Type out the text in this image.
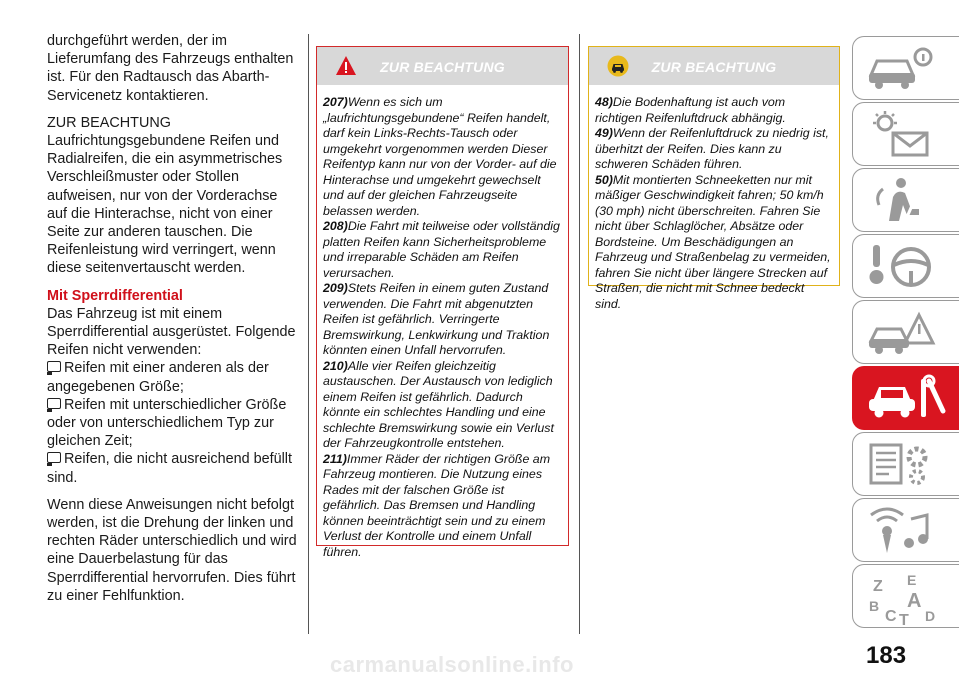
durchgeführt werden, der im Lieferumfang des Fahrzeugs enthalten ist. Für den Radtausch das Abarth-Servicenetz kontaktieren.

ZUR BEACHTUNG

Laufrichtungsgebundene Reifen und Radialreifen, die ein asymmetrisches Verschleißmuster oder Stollen aufweisen, nur von der Vorderachse auf die Hinterachse, nicht von einer Seite zur anderen tauschen. Die Reifenleistung wird verringert, wenn diese seitenvertauscht werden.

Mit Sperrdifferential

Das Fahrzeug ist mit einem Sperrdifferential ausgerüstet. Folgende Reifen nicht verwenden:

Reifen mit einer anderen als der angegebenen Größe;

Reifen mit unterschiedlicher Größe oder von unterschiedlichem Typ zur gleichen Zeit;

Reifen, die nicht ausreichend befüllt sind.

Wenn diese Anweisungen nicht befolgt werden, ist die Drehung der linken und rechten Räder unterschiedlich und wird eine Dauerbelastung für das Sperrdifferential hervorrufen. Dies führt zu einer Fehlfunktion.

ZUR BEACHTUNG

207)Wenn es sich um „laufrichtungsgebundene“ Reifen handelt, darf kein Links-Rechts-Tausch oder umgekehrt vorgenommen werden Dieser Reifentyp kann nur von der Vorder- auf die Hinterachse und umgekehrt gewechselt und auf der gleichen Fahrzeugseite belassen werden.

208)Die Fahrt mit teilweise oder vollständig platten Reifen kann Sicherheitsprobleme und irreparable Schäden am Reifen verursachen.

209)Stets Reifen in einem guten Zustand verwenden. Die Fahrt mit abgenutzten Reifen ist gefährlich. Verringerte Bremswirkung, Lenkwirkung und Traktion könnten einen Unfall hervorrufen.

210)Alle vier Reifen gleichzeitig austauschen. Der Austausch von lediglich einem Reifen ist gefährlich. Dadurch könnte ein schlechtes Handling und eine schlechte Bremswirkung sowie ein Verlust der Fahrzeugkontrolle entstehen.

211)Immer Räder der richtigen Größe am Fahrzeug montieren. Die Nutzung eines Rades mit der falschen Größe ist gefährlich. Das Bremsen und Handling können beeinträchtigt sein und zu einem Verlust der Kontrolle und einem Unfall führen.

ZUR BEACHTUNG

48)Die Bodenhaftung ist auch vom richtigen Reifenluftdruck abhängig.

49)Wenn der Reifenluftdruck zu niedrig ist, überhitzt der Reifen. Dies kann zu schweren Schäden führen.

50)Mit montierten Schneeketten nur mit mäßiger Geschwindigkeit fahren; 50 km/h (30 mph) nicht überschreiten. Fahren Sie nicht über Schlaglöcher, Absätze oder Bordsteine. Um Beschädigungen an Fahrzeug und Straßenbelag zu vermeiden, fahren Sie nicht über längere Strecken auf Straßen, die nicht mit Schnee bedeckt sind.

Z E
A
B
C T D
carmanualsonline.info	183
